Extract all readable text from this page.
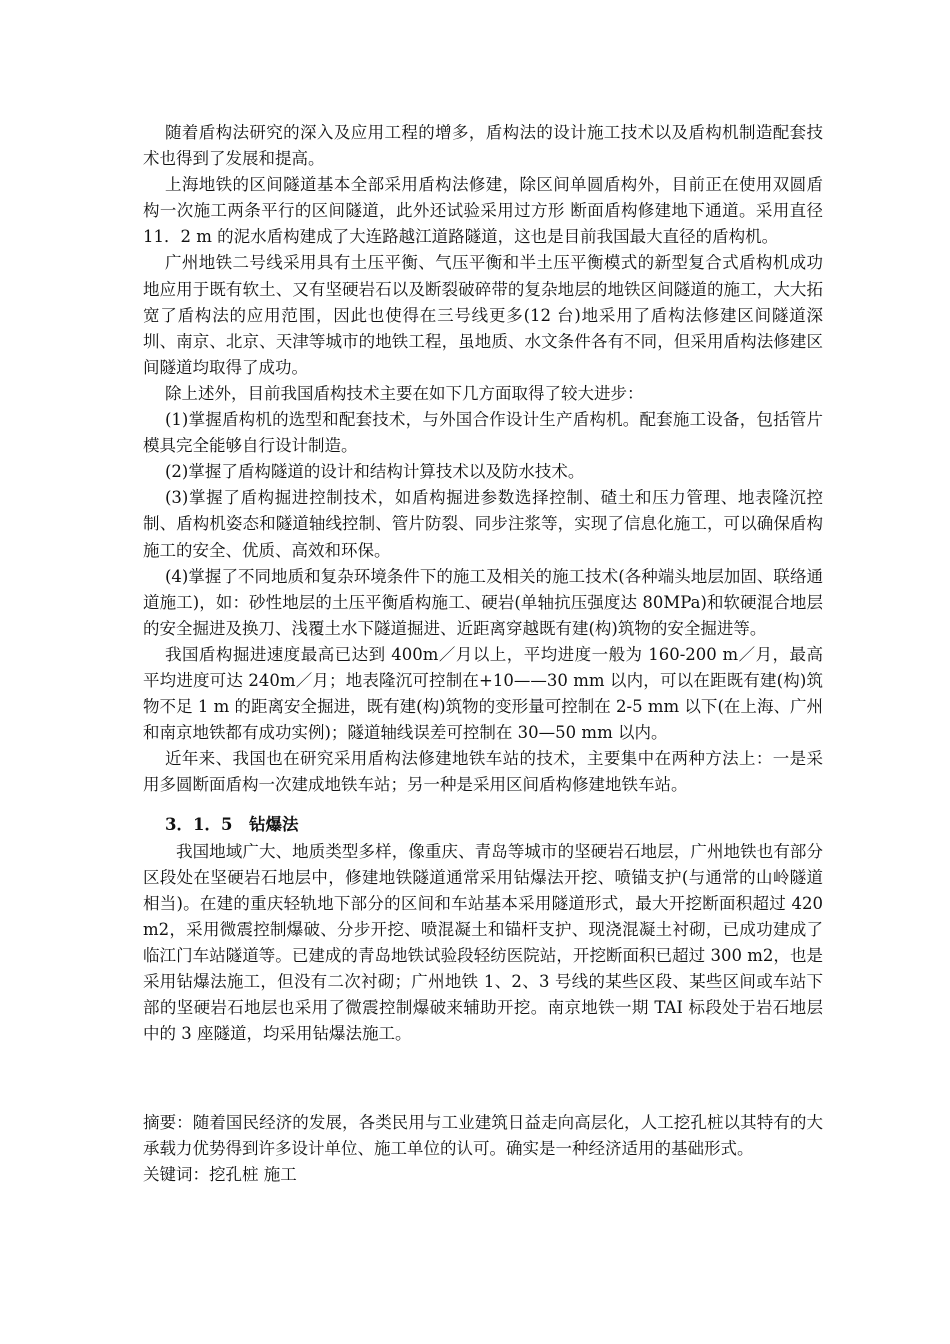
随着盾构法研究的深入及应用工程的增多，盾构法的设计施工技术以及盾构机制造配套技术也得到了发展和提高。

上海地铁的区间隧道基本全部采用盾构法修建，除区间单圆盾构外，目前正在使用双圆盾构一次施工两条平行的区间隧道，此外还试验采用过方形 断面盾构修建地下通道。采用直径11．2 m 的泥水盾构建成了大连路越江道路隧道，这也是目前我国最大直径的盾构机。

广州地铁二号线采用具有土压平衡、气压平衡和半土压平衡模式的新型复合式盾构机成功地应用于既有软土、又有坚硬岩石以及断裂破碎带的复杂地层的地铁区间隧道的施工，大大拓宽了盾构法的应用范围，因此也使得在三号线更多(12 台)地采用了盾构法修建区间隧道深圳、南京、北京、天津等城市的地铁工程，虽地质、水文条件各有不同，但采用盾构法修建区间隧道均取得了成功。

除上述外，目前我国盾构技术主要在如下几方面取得了较大进步：

(1)掌握盾构机的选型和配套技术，与外国合作设计生产盾构机。配套施工设备，包括管片模具完全能够自行设计制造。

(2)掌握了盾构隧道的设计和结构计算技术以及防水技术。

(3)掌握了盾构掘进控制技术，如盾构掘进参数选择控制、碴土和压力管理、地表隆沉控制、盾构机姿态和隧道轴线控制、管片防裂、同步注浆等，实现了信息化施工，可以确保盾构施工的安全、优质、高效和环保。

(4)掌握了不同地质和复杂环境条件下的施工及相关的施工技术(各种端头地层加固、联络通道施工)，如：砂性地层的土压平衡盾构施工、硬岩(单轴抗压强度达 80MPa)和软硬混合地层的安全掘进及换刀、浅覆土水下隧道掘进、近距离穿越既有建(构)筑物的安全掘进等。

我国盾构掘进速度最高已达到 400m／月以上，平均进度一般为 160-200 m／月，最高平均进度可达 240m／月；地表隆沉可控制在+10——30 mm 以内，可以在距既有建(构)筑物不足 1 m 的距离安全掘进，既有建(构)筑物的变形量可控制在 2-5 mm 以下(在上海、广州和南京地铁都有成功实例)；隧道轴线误差可控制在 30—50 mm 以内。

近年来、我国也在研究采用盾构法修建地铁车站的技术，主要集中在两种方法上：一是采用多圆断面盾构一次建成地铁车站；另一种是采用区间盾构修建地铁车站。

3．1．5　钻爆法

我国地域广大、地质类型多样，像重庆、青岛等城市的坚硬岩石地层，广州地铁也有部分区段处在坚硬岩石地层中，修建地铁隧道通常采用钻爆法开挖、喷锚支护(与通常的山岭隧道相当)。在建的重庆轻轨地下部分的区间和车站基本采用隧道形式，最大开挖断面积超过 420 m2，采用微震控制爆破、分步开挖、喷混凝土和锚杆支护、现浇混凝土衬砌，已成功建成了临江门车站隧道等。已建成的青岛地铁试验段轻纺医院站，开挖断面积已超过 300 m2，也是采用钻爆法施工，但没有二次衬砌；广州地铁 1、2、3 号线的某些区段、某些区间或车站下部的坚硬岩石地层也采用了微震控制爆破来辅助开挖。南京地铁一期 TAI 标段处于岩石地层中的 3 座隧道，均采用钻爆法施工。

摘要：随着国民经济的发展，各类民用与工业建筑日益走向高层化，人工挖孔桩以其特有的大承载力优势得到许多设计单位、施工单位的认可。确实是一种经济适用的基础形式。

关键词：挖孔桩 施工
